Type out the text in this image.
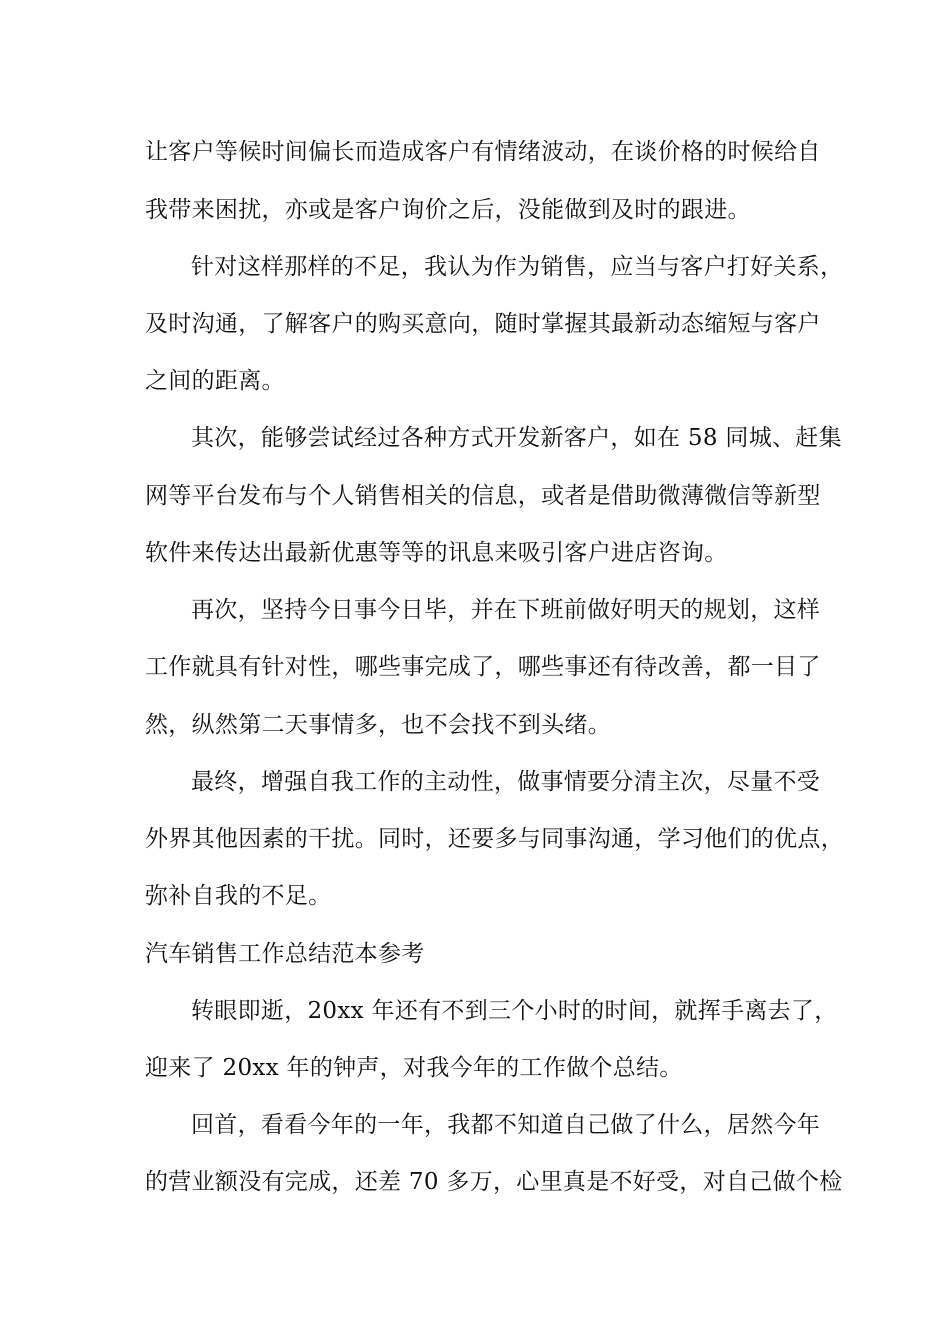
让客户等候时间偏长而造成客户有情绪波动，在谈价格的时候给自
我带来困扰，亦或是客户询价之后，没能做到及时的跟进。
针对这样那样的不足，我认为作为销售，应当与客户打好关系，
及时沟通，了解客户的购买意向，随时掌握其最新动态缩短与客户
之间的距离。
其次，能够尝试经过各种方式开发新客户，如在 58 同城、赶集
网等平台发布与个人销售相关的信息，或者是借助微薄微信等新型
软件来传达出最新优惠等等的讯息来吸引客户进店咨询。
再次，坚持今日事今日毕，并在下班前做好明天的规划，这样
工作就具有针对性，哪些事完成了，哪些事还有待改善，都一目了
然，纵然第二天事情多，也不会找不到头绪。
最终，增强自我工作的主动性，做事情要分清主次，尽量不受
外界其他因素的干扰。同时，还要多与同事沟通，学习他们的优点，
弥补自我的不足。
汽车销售工作总结范本参考
转眼即逝，20xx 年还有不到三个小时的时间，就挥手离去了，
迎来了 20xx 年的钟声，对我今年的工作做个总结。
回首，看看今年的一年，我都不知道自己做了什么，居然今年
的营业额没有完成，还差 70 多万，心里真是不好受，对自己做个检
